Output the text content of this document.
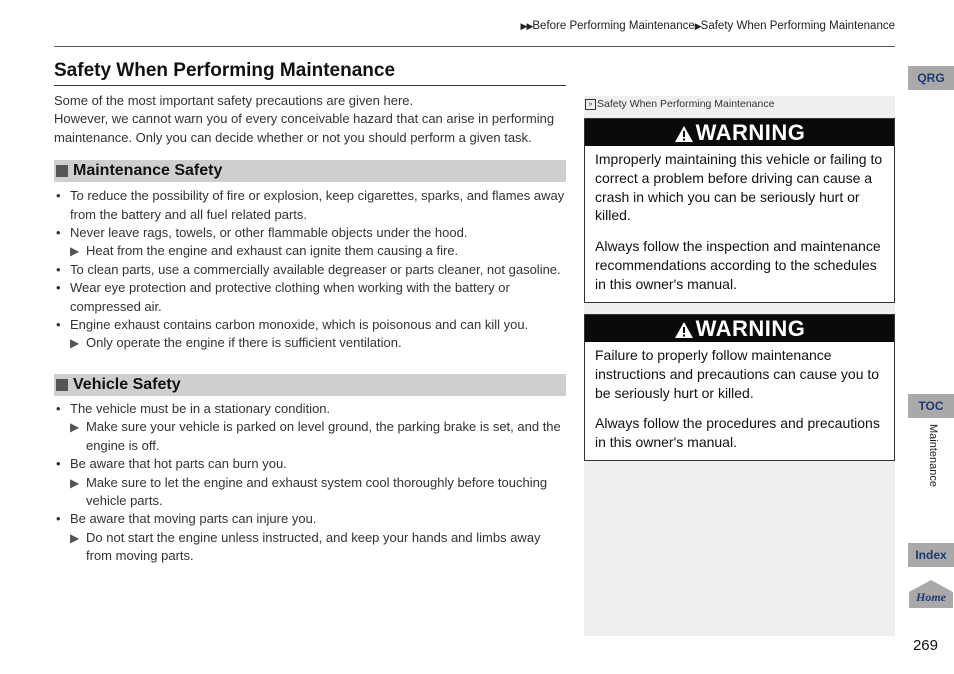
▶▶Before Performing Maintenance▶Safety When Performing Maintenance
Safety When Performing Maintenance

Some of the most important safety precautions are given here.

However, we cannot warn you of every conceivable hazard that can arise in performing maintenance. Only you can decide whether or not you should perform a given task.

Maintenance Safety
• To reduce the possibility of fire or explosion, keep cigarettes, sparks, and flames away from the battery and all fuel related parts.
• Never leave rags, towels, or other flammable objects under the hood.
▶ Heat from the engine and exhaust can ignite them causing a fire.
• To clean parts, use a commercially available degreaser or parts cleaner, not gasoline.
• Wear eye protection and protective clothing when working with the battery or compressed air.
• Engine exhaust contains carbon monoxide, which is poisonous and can kill you.
▶ Only operate the engine if there is sufficient ventilation.
Vehicle Safety
• The vehicle must be in a stationary condition.
▶ Make sure your vehicle is parked on level ground, the parking brake is set, and the engine is off.
• Be aware that hot parts can burn you.
▶ Make sure to let the engine and exhaust system cool thoroughly before touching vehicle parts.
• Be aware that moving parts can injure you.
▶ Do not start the engine unless instructed, and keep your hands and limbs away from moving parts.
» Safety When Performing Maintenance
WARNING

Improperly maintaining this vehicle or failing to correct a problem before driving can cause a crash in which you can be seriously hurt or killed.

Always follow the inspection and maintenance recommendations according to the schedules in this owner's manual.

WARNING

Failure to properly follow maintenance instructions and precautions can cause you to be seriously hurt or killed.

Always follow the procedures and precautions in this owner's manual.

QRG
TOC
Maintenance
Index
Home
269
